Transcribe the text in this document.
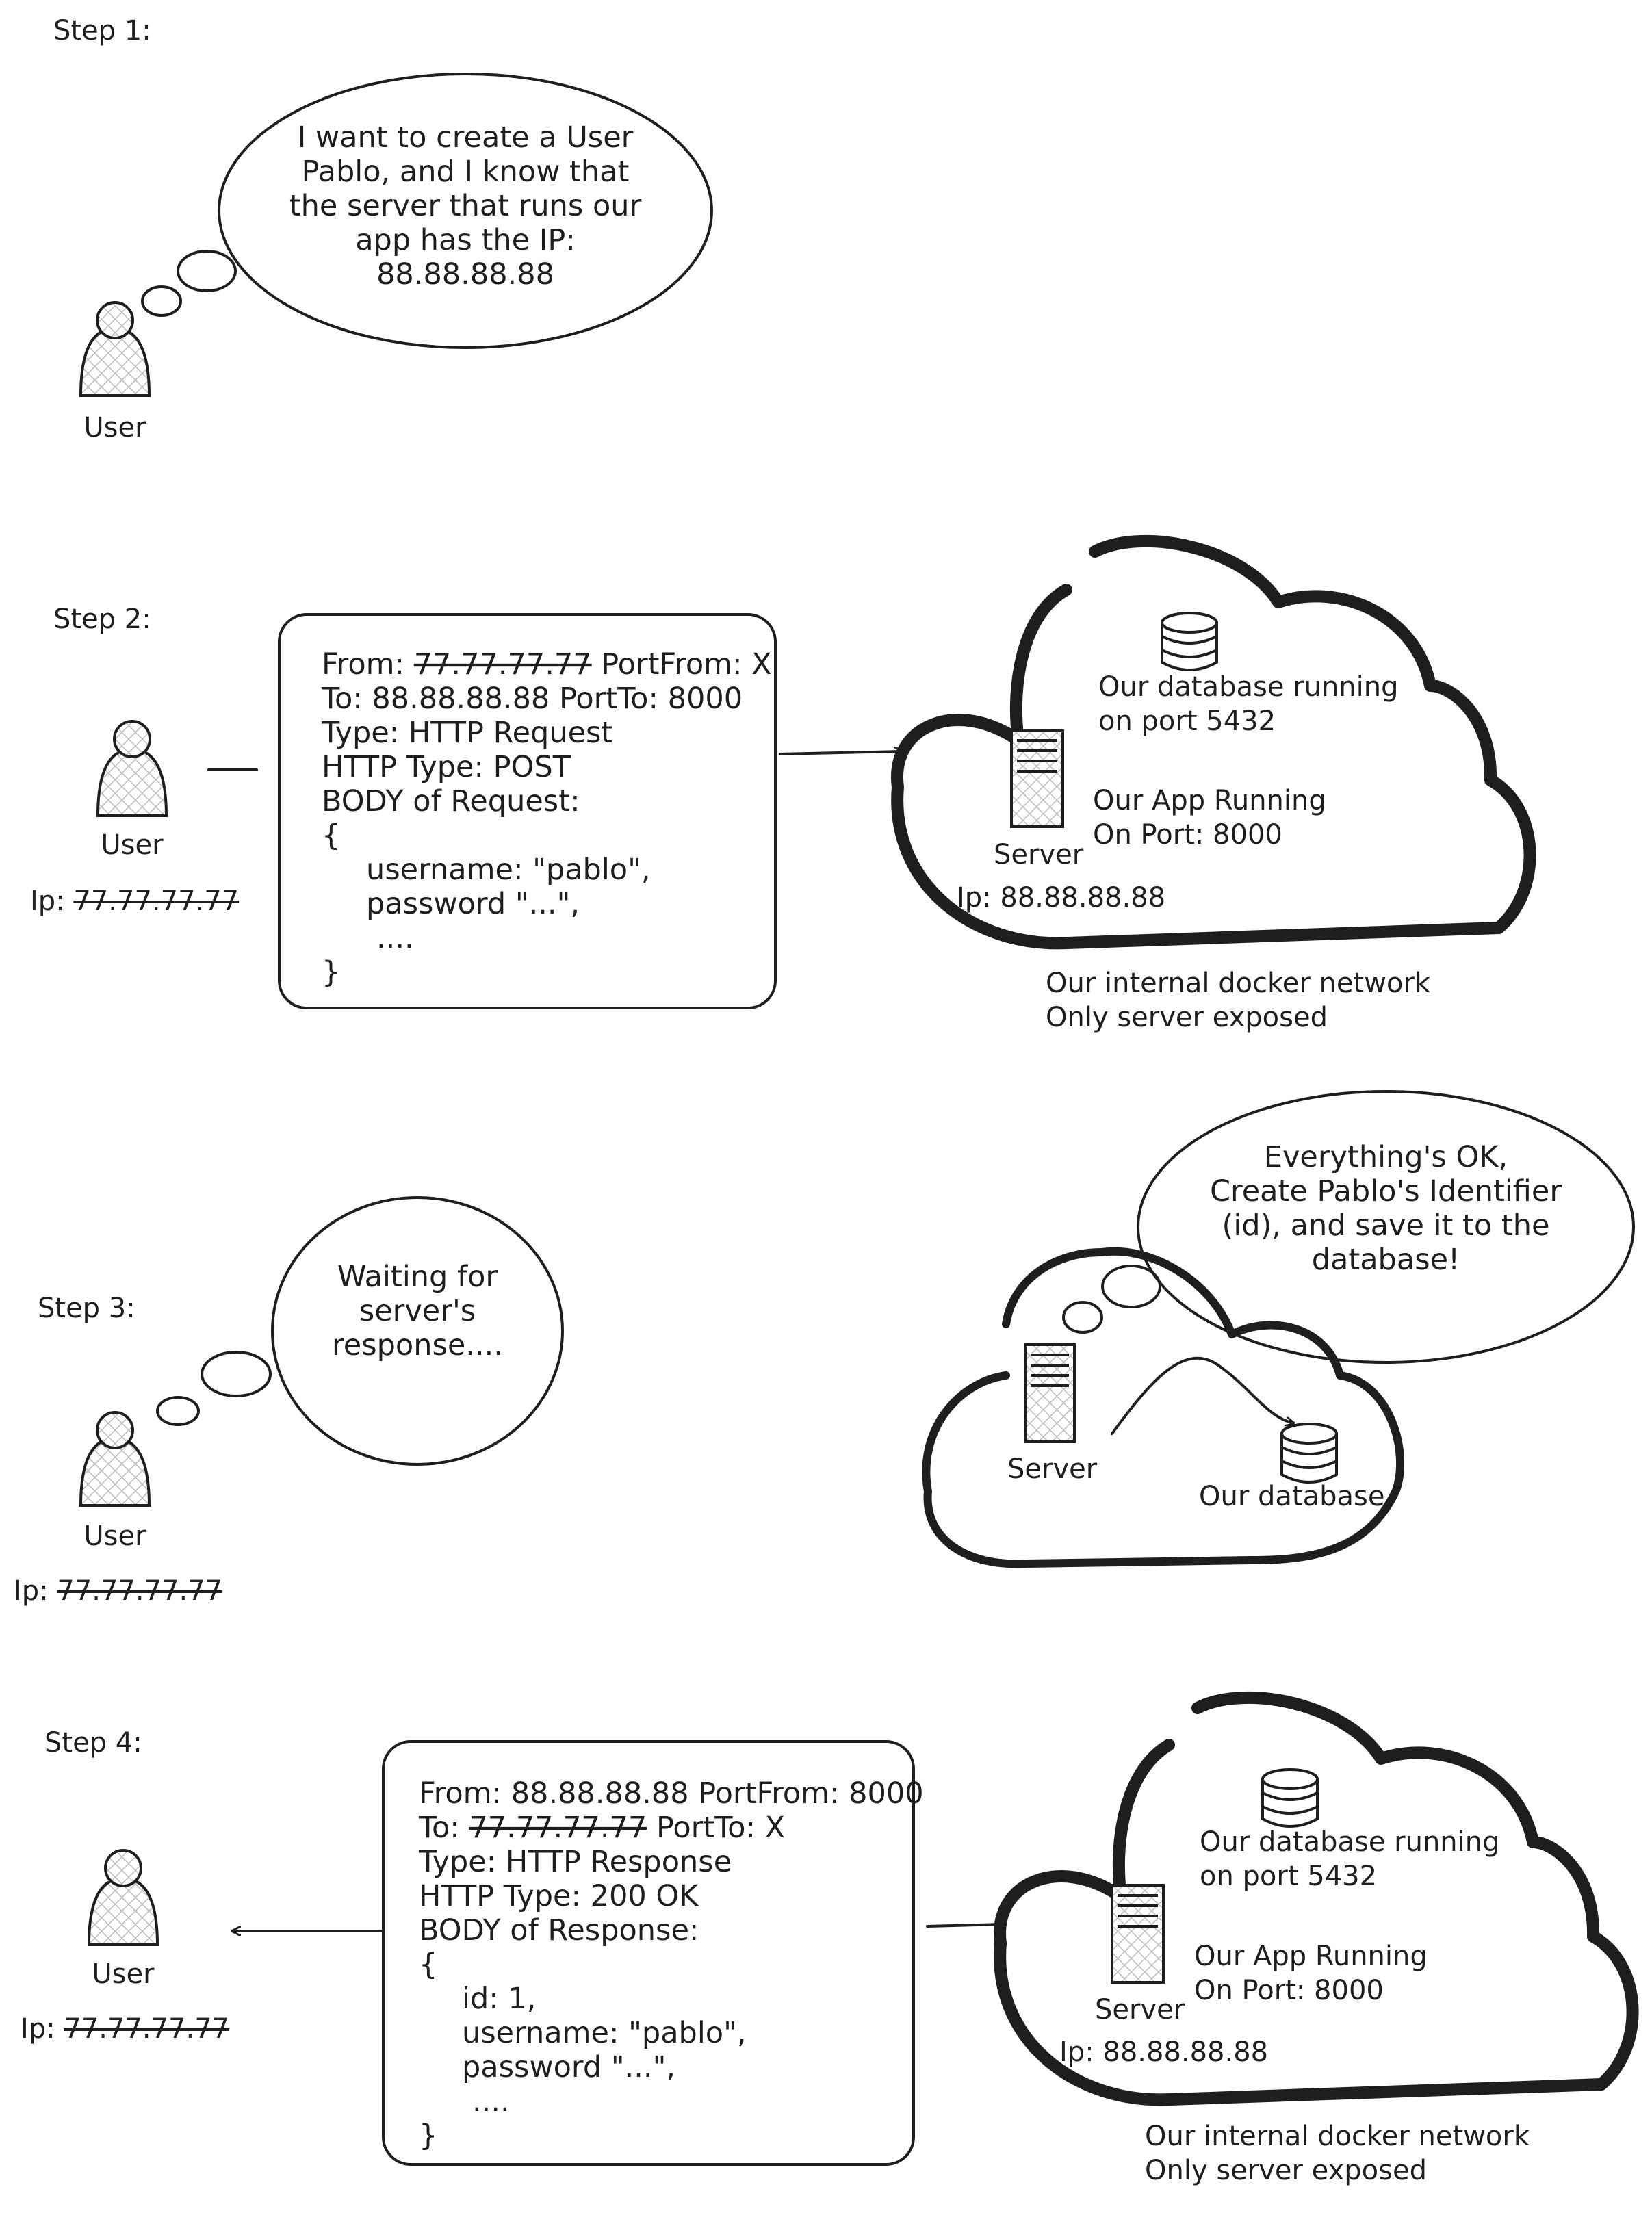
Step 1:
User
I want to create a User
Pablo, and I know that
the server that runs our
app has the IP:
88.88.88.88
Step 2:
User
Ip: 77.77.77.77
From: 77.77.77.77 PortFrom: X
To: 88.88.88.88 PortTo: 8000
Type: HTTP Request
HTTP Type: POST
BODY of Request:
{
username: "pablo",
password "...",
....
}
Our database running
on port 5432
Server
Our App Running
On Port: 8000
Ip: 88.88.88.88
Our internal docker network
Only server exposed
Step 3:
User
Ip: 77.77.77.77
Waiting for
server's
response....
Everything's OK,
Create Pablo's Identifier
(id), and save it to the
database!
Server
Our database
Step 4:
User
Ip: 77.77.77.77
From: 88.88.88.88 PortFrom: 8000
To: 77.77.77.77 PortTo: X
Type: HTTP Response
HTTP Type: 200 OK
BODY of Response:
{
id: 1,
username: "pablo",
password "...",
....
}
Our database running
on port 5432
Server
Our App Running
On Port: 8000
Ip: 88.88.88.88
Our internal docker network
Only server exposed
